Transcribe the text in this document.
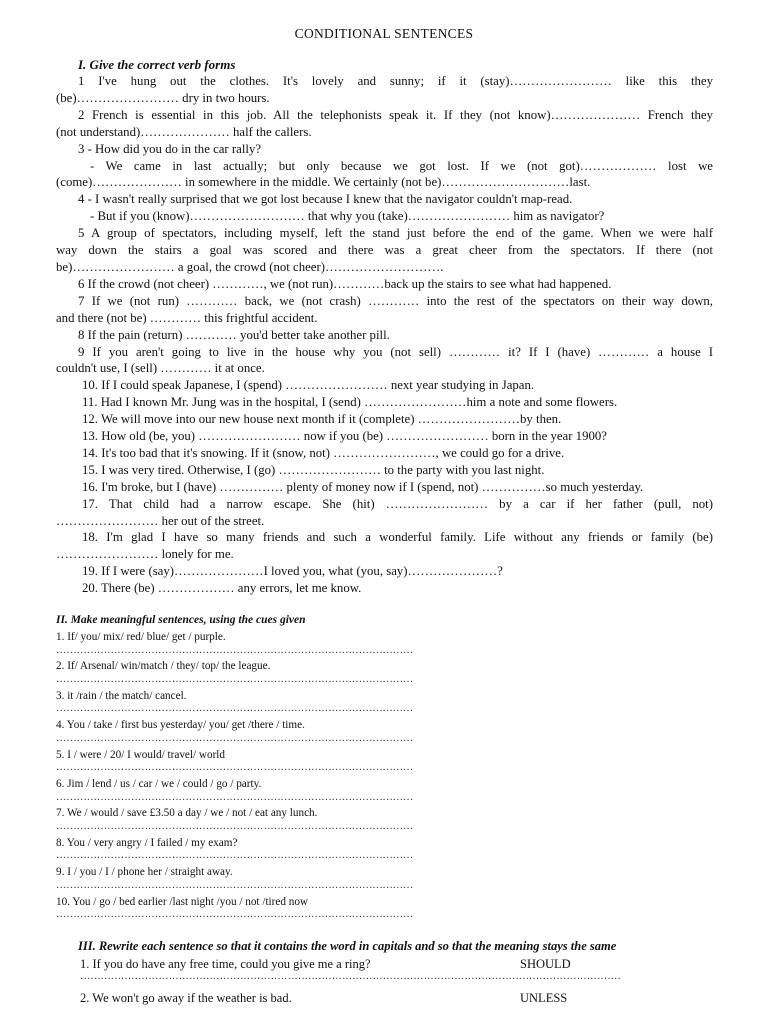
CONDITIONAL SENTENCES
I. Give the correct verb forms
1 I've hung out the clothes. It's lovely and sunny; if it (stay)…………………… like this they
(be)…………………… dry in two hours.
2 French is essential in this job. All the telephonists speak it. If they (not know)………………… French they
(not understand)………………… half the callers.
3 - How did you do in the car rally?
- We came in last actually; but only because we got lost. If we (not got)……………… lost we
(come)………………… in somewhere in the middle. We certainly (not be)…………………………last.
4 - I wasn't really surprised that we got lost because I knew that the navigator couldn't map-read.
- But if you (know)……………………… that why you (take)…………………… him as navigator?
5 A group of spectators, including myself, left the stand just before the end of the game. When we were half
way down the stairs a goal was scored and there was a great cheer from the spectators. If there (not
be)…………………… a goal, the crowd (not cheer)……………………….
6 If the crowd (not cheer) …………, we (not run)…………back up the stairs to see what had happened.
7 If we (not run) ………… back, we (not crash) ………… into the rest of the spectators on their way down,
and there (not be) ………… this frightful accident.
8 If the pain (return) ………… you'd better take another pill.
9 If you aren't going to live in the house why you (not sell) ………… it? If I (have) ………… a house I
couldn't use, I (sell) ………… it at once.
10. If I could speak Japanese, I (spend) …………………… next year studying in Japan.
11. Had I known Mr. Jung was in the hospital, I (send) ……………………him a note and some flowers.
12. We will move into our new house next month if it (complete) ……………………by then.
13. How old (be, you) …………………… now if you (be) …………………… born in the year 1900?
14. It's too bad that it's snowing. If it (snow, not) ……………………, we could go for a drive.
15. I was very tired. Otherwise, I (go) …………………… to the party with you last night.
16. I'm broke, but I (have) …………… plenty of money now if I (spend, not) ……………so much yesterday.
17. That child had a narrow escape. She (hit) …………………… by a car if her father (pull, not)
…………………… her out of the street.
18. I'm glad I have so many friends and such a wonderful family. Life without any friends or family (be)
…………………… lonely for me.
19. If I were (say)…………………I loved you, what (you, say)…………………?
20. There (be) ……………… any errors, let me know.
II. Make meaningful sentences, using the cues given
1. If/ you/ mix/ red/ blue/ get / purple.
……………………………………………………………………………………………
2. If/ Arsenal/ win/match / they/ top/ the league.
……………………………………………………………………………………………
3. it /rain / the match/ cancel.
……………………………………………………………………………………………
4. You / take / first bus yesterday/ you/ get /there / time.
……………………………………………………………………………………………
5. I / were / 20/ I would/ travel/ world
……………………………………………………………………………………………
6. Jim / lend / us / car / we / could / go / party.
……………………………………………………………………………………………
7. We / would / save £3.50 a day / we / not / eat any lunch.
……………………………………………………………………………………………
8. You / very angry / I failed / my exam?
……………………………………………………………………………………………
9. I / you / I / phone her / straight away.
……………………………………………………………………………………………
10. You / go / bed earlier /last night /you / not /tired now
……………………………………………………………………………………………
III. Rewrite each sentence so that it contains the word in capitals and so that the meaning stays the same
1. If you do have any free time, could you give me a ring?	SHOULD
……………………………………………………………………………………………………………………………………………
2. We won't go away if the weather is bad.	UNLESS
